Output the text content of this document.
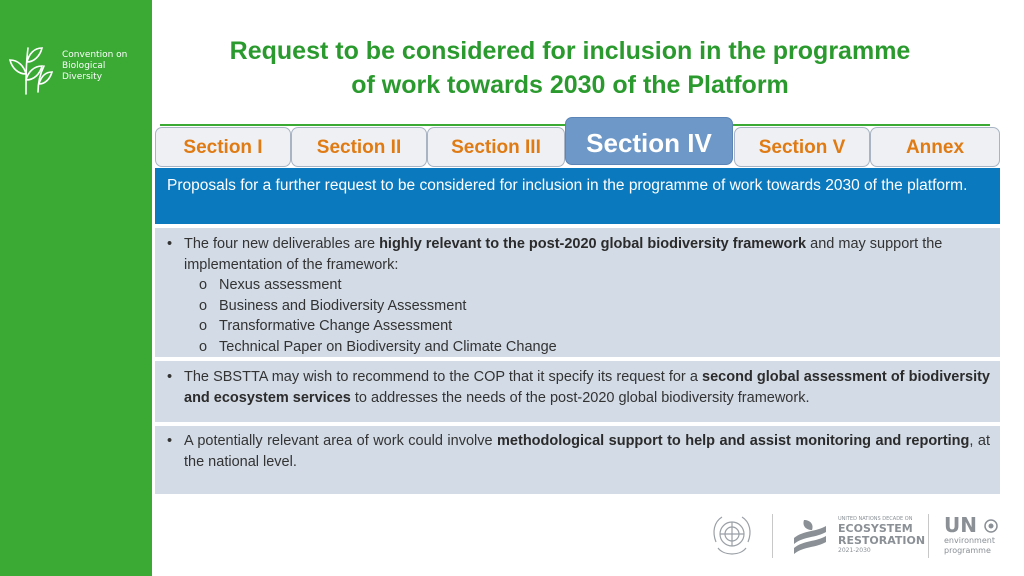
Convention on
Biological Diversity
Request to be considered for inclusion in the programme
of work towards 2030 of the Platform
Section I	Section II	Section III	Section IV	Section V	Annex
Proposals for a further request to be considered for inclusion in the programme of work towards 2030 of the platform.
• The four new deliverables are highly relevant to the post-2020 global biodiversity framework and may support the implementation of the framework:
o Nexus assessment
o Business and Biodiversity Assessment
o Transformative Change Assessment
o Technical Paper on Biodiversity and Climate Change
• The SBSTTA may wish to recommend to the COP that it specify its request for a second global assessment of biodiversity and ecosystem services to addresses the needs of the post-2020 global biodiversity framework.
• A potentially relevant area of work could involve methodological support to help and assist monitoring and reporting, at the national level.
UNITED NATIONS DECADE ON
ECOSYSTEM
RESTORATION
2021-2030
UN
environment
programme
